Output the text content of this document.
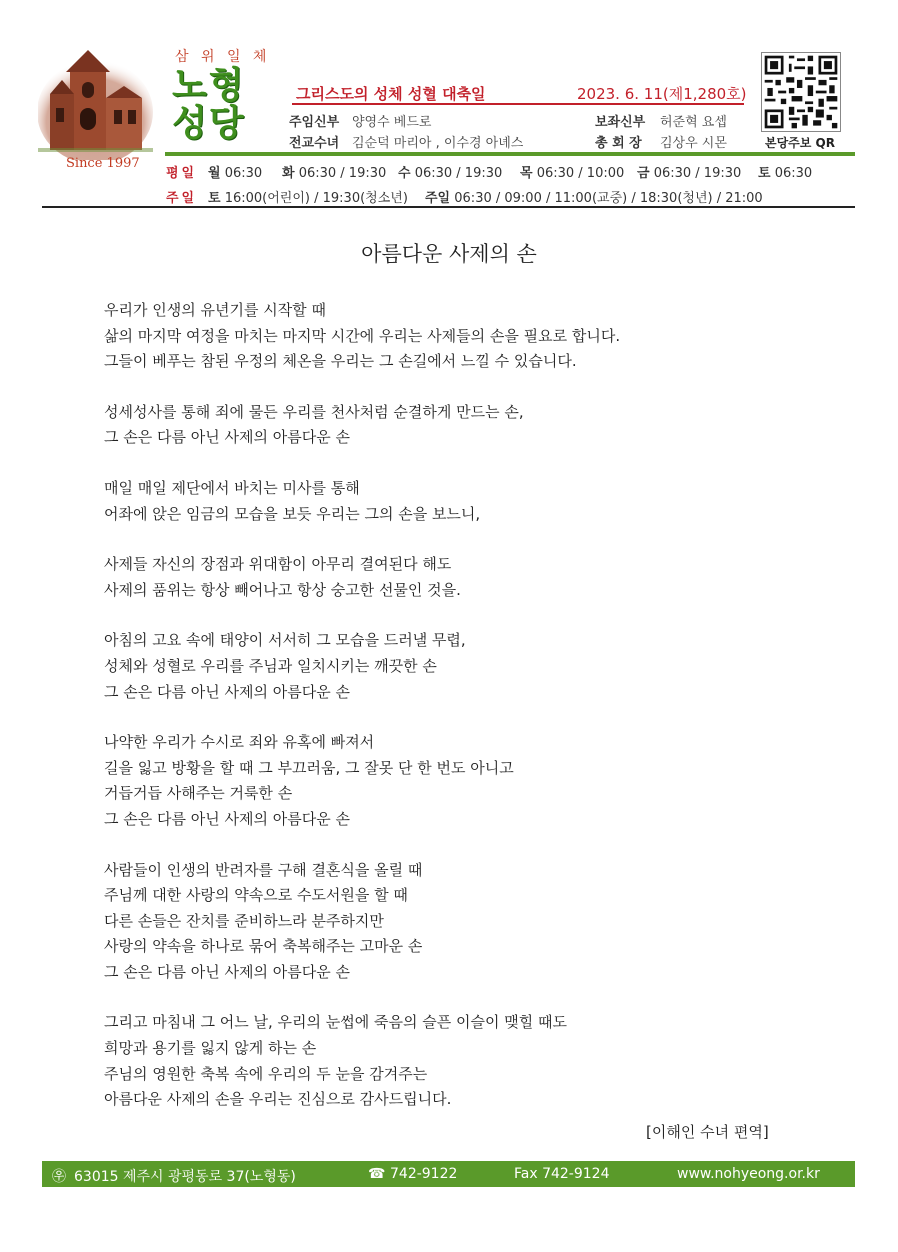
Since 1997
삼 위 일 체
노형
성당
그리스도의 성체 성혈 대축일	2023. 6. 11(제1,280호)
주임신부 양영수 베드로
전교수녀 김순덕 마리아 , 이수경 아녜스
보좌신부 허준혁 요셉
총 회 장 김상우 시몬	본당주보 QR
평일 월 06:30 화 06:30 / 19:30 수 06:30 / 19:30 목 06:30 / 10:00 금 06:30 / 19:30 토 06:30
주일 토 16:00(어린이) / 19:30(청소년) 주일 06:30 / 09:00 / 11:00(교중) / 18:30(청년) / 21:00
아름다운 사제의 손
우리가 인생의 유년기를 시작할 때
삶의 마지막 여정을 마치는 마지막 시간에 우리는 사제들의 손을 필요로 합니다.
그들이 베푸는 참된 우정의 체온을 우리는 그 손길에서 느낄 수 있습니다.
성세성사를 통해 죄에 물든 우리를 천사처럼 순결하게 만드는 손,
그 손은 다름 아닌 사제의 아름다운 손
매일 매일 제단에서 바치는 미사를 통해
어좌에 앉은 임금의 모습을 보듯 우리는 그의 손을 보느니,
사제들 자신의 장점과 위대함이 아무리 결여된다 해도
사제의 품위는 항상 빼어나고 항상 숭고한 선물인 것을.
아침의 고요 속에 태양이 서서히 그 모습을 드러낼 무렵,
성체와 성혈로 우리를 주님과 일치시키는 깨끗한 손
그 손은 다름 아닌 사제의 아름다운 손
나약한 우리가 수시로 죄와 유혹에 빠져서
길을 잃고 방황을 할 때 그 부끄러움, 그 잘못 단 한 번도 아니고
거듭거듭 사해주는 거룩한 손
그 손은 다름 아닌 사제의 아름다운 손
사람들이 인생의 반려자를 구해 결혼식을 올릴 때
주님께 대한 사랑의 약속으로 수도서원을 할 때
다른 손들은 잔치를 준비하느라 분주하지만
사랑의 약속을 하나로 묶어 축복해주는 고마운 손
그 손은 다름 아닌 사제의 아름다운 손
그리고 마침내 그 어느 날, 우리의 눈썹에 죽음의 슬픈 이슬이 맺힐 때도
희망과 용기를 잃지 않게 하는 손
주님의 영원한 축복 속에 우리의 두 눈을 감겨주는
아름다운 사제의 손을 우리는 진심으로 감사드립니다.
[이해인 수녀 편역]
㉾ 63015 제주시 광평동로 37(노형동)	☎ 742-9122	Fax 742-9124	www.nohyeong.or.kr
